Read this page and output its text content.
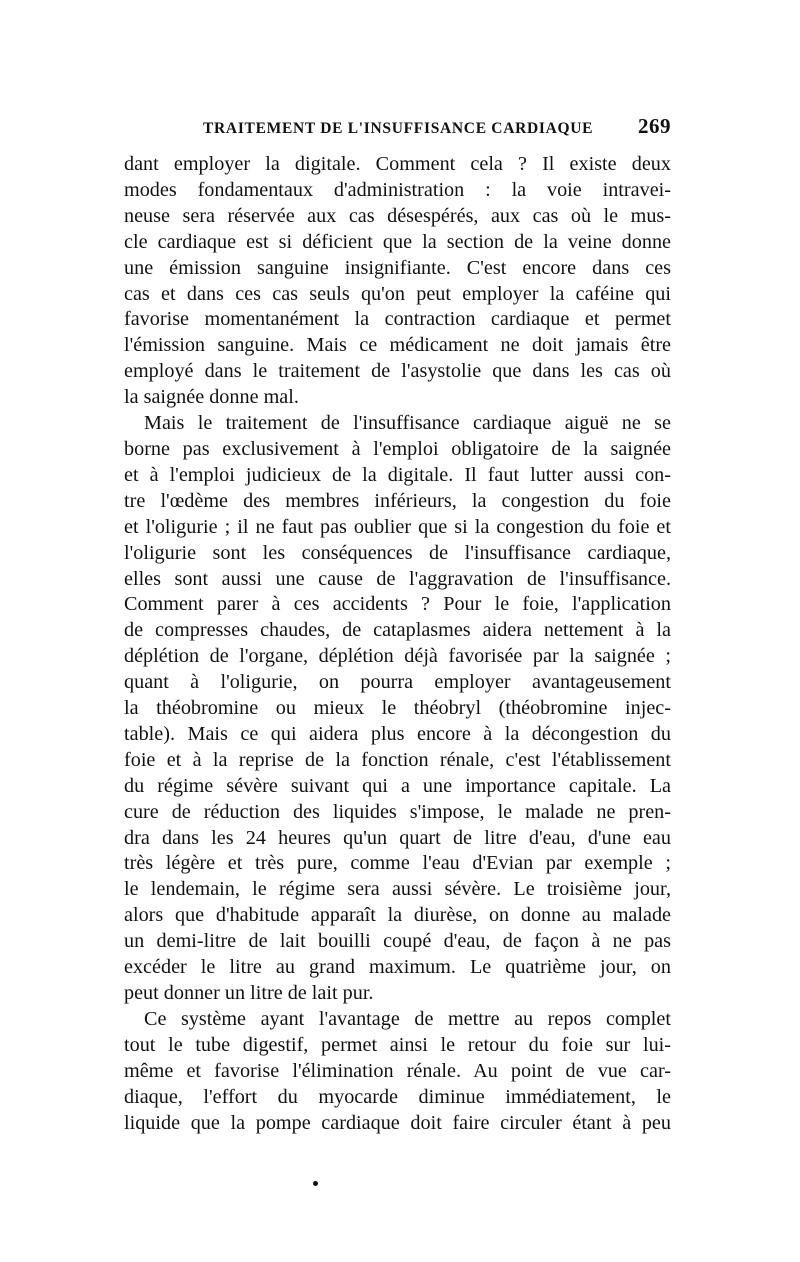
TRAITEMENT DE L'INSUFFISANCE CARDIAQUE 269
dant employer la digitale. Comment cela ? Il existe deux
modes fondamentaux d'administration : la voie intravei-
neuse sera réservée aux cas désespérés, aux cas où le mus-
cle cardiaque est si déficient que la section de la veine donne
une émission sanguine insignifiante. C'est encore dans ces
cas et dans ces cas seuls qu'on peut employer la caféine qui
favorise momentanément la contraction cardiaque et permet
l'émission sanguine. Mais ce médicament ne doit jamais être
employé dans le traitement de l'asystolie que dans les cas où
la saignée donne mal.
Mais le traitement de l'insuffisance cardiaque aiguë ne se
borne pas exclusivement à l'emploi obligatoire de la saignée
et à l'emploi judicieux de la digitale. Il faut lutter aussi con-
tre l'œdème des membres inférieurs, la congestion du foie
et l'oligurie ; il ne faut pas oublier que si la congestion du foie et
l'oligurie sont les conséquences de l'insuffisance cardiaque,
elles sont aussi une cause de l'aggravation de l'insuffisance.
Comment parer à ces accidents ? Pour le foie, l'application
de compresses chaudes, de cataplasmes aidera nettement à la
déplétion de l'organe, déplétion déjà favorisée par la saignée ;
quant à l'oligurie, on pourra employer avantageusement
la théobromine ou mieux le théobryl (théobromine injec-
table). Mais ce qui aidera plus encore à la décongestion du
foie et à la reprise de la fonction rénale, c'est l'établissement
du régime sévère suivant qui a une importance capitale. La
cure de réduction des liquides s'impose, le malade ne pren-
dra dans les 24 heures qu'un quart de litre d'eau, d'une eau
très légère et très pure, comme l'eau d'Evian par exemple ;
le lendemain, le régime sera aussi sévère. Le troisième jour,
alors que d'habitude apparaît la diurèse, on donne au malade
un demi-litre de lait bouilli coupé d'eau, de façon à ne pas
excéder le litre au grand maximum. Le quatrième jour, on
peut donner un litre de lait pur.
Ce système ayant l'avantage de mettre au repos complet
tout le tube digestif, permet ainsi le retour du foie sur lui-
même et favorise l'élimination rénale. Au point de vue car-
diaque, l'effort du myocarde diminue immédiatement, le
liquide que la pompe cardiaque doit faire circuler étant à peu
